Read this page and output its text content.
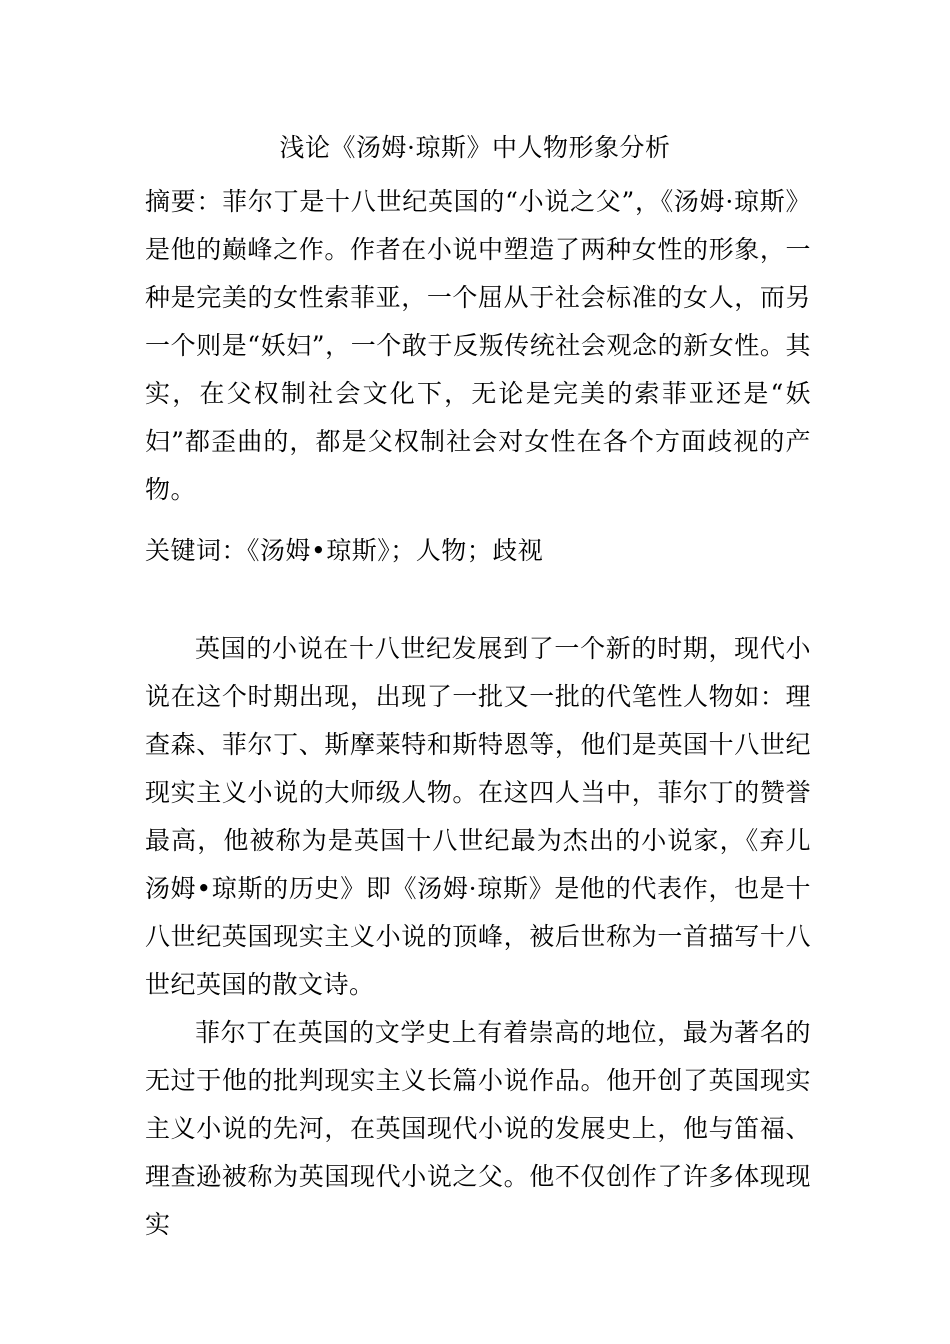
浅论《汤姆·琼斯》中人物形象分析
摘要：菲尔丁是十八世纪英国的“小说之父”，《汤姆·琼斯》是他的巅峰之作。作者在小说中塑造了两种女性的形象，一种是完美的女性索菲亚，一个屈从于社会标准的女人，而另一个则是“妖妇”，一个敢于反叛传统社会观念的新女性。其实，在父权制社会文化下，无论是完美的索菲亚还是“妖妇”都歪曲的，都是父权制社会对女性在各个方面歧视的产物。
关键词：《汤姆•琼斯》；人物；歧视

英国的小说在十八世纪发展到了一个新的时期，现代小说在这个时期出现，出现了一批又一批的代笔性人物如：理查森、菲尔丁、斯摩莱特和斯特恩等，他们是英国十八世纪现实主义小说的大师级人物。在这四人当中，菲尔丁的赞誉最高，他被称为是英国十八世纪最为杰出的小说家，《弃儿汤姆•琼斯的历史》即《汤姆·琼斯》是他的代表作，也是十八世纪英国现实主义小说的顶峰，被后世称为一首描写十八世纪英国的散文诗。

菲尔丁在英国的文学史上有着崇高的地位，最为著名的无过于他的批判现实主义长篇小说作品。他开创了英国现实主义小说的先河，在英国现代小说的发展史上，他与笛福、理查逊被称为英国现代小说之父。他不仅创作了许多体现现实
